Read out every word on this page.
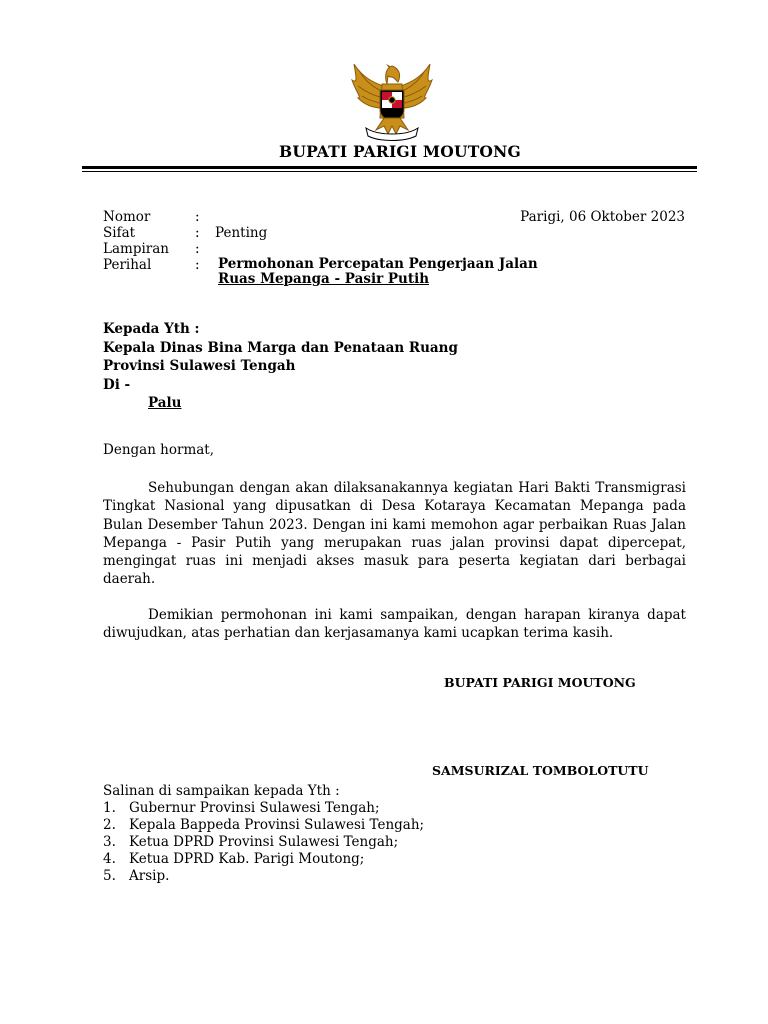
BUPATI PARIGI MOUTONG
Parigi, 06 Oktober 2023
Nomor	:
Sifat	: Penting
Lampiran :
Perihal	: Permohonan Percepatan Pengerjaan Jalan
Ruas Mepanga - Pasir Putih
Kepada Yth :
Kepala Dinas Bina Marga dan Penataan Ruang
Provinsi Sulawesi Tengah
Di -
Palu
Dengan hormat,
Sehubungan dengan akan dilaksanakannya kegiatan Hari Bakti Transmigrasi Tingkat Nasional yang dipusatkan di Desa Kotaraya Kecamatan Mepanga pada Bulan Desember Tahun 2023. Dengan ini kami memohon agar perbaikan Ruas Jalan Mepanga - Pasir Putih yang merupakan ruas jalan provinsi dapat dipercepat, mengingat ruas ini menjadi akses masuk para peserta kegiatan dari berbagai daerah.
Demikian permohonan ini kami sampaikan, dengan harapan kiranya dapat diwujudkan, atas perhatian dan kerjasamanya kami ucapkan terima kasih.
BUPATI PARIGI MOUTONG
SAMSURIZAL TOMBOLOTUTU
Salinan di sampaikan kepada Yth :
1. Gubernur Provinsi Sulawesi Tengah;
2. Kepala Bappeda Provinsi Sulawesi Tengah;
3. Ketua DPRD Provinsi Sulawesi Tengah;
4. Ketua DPRD Kab. Parigi Moutong;
5. Arsip.
